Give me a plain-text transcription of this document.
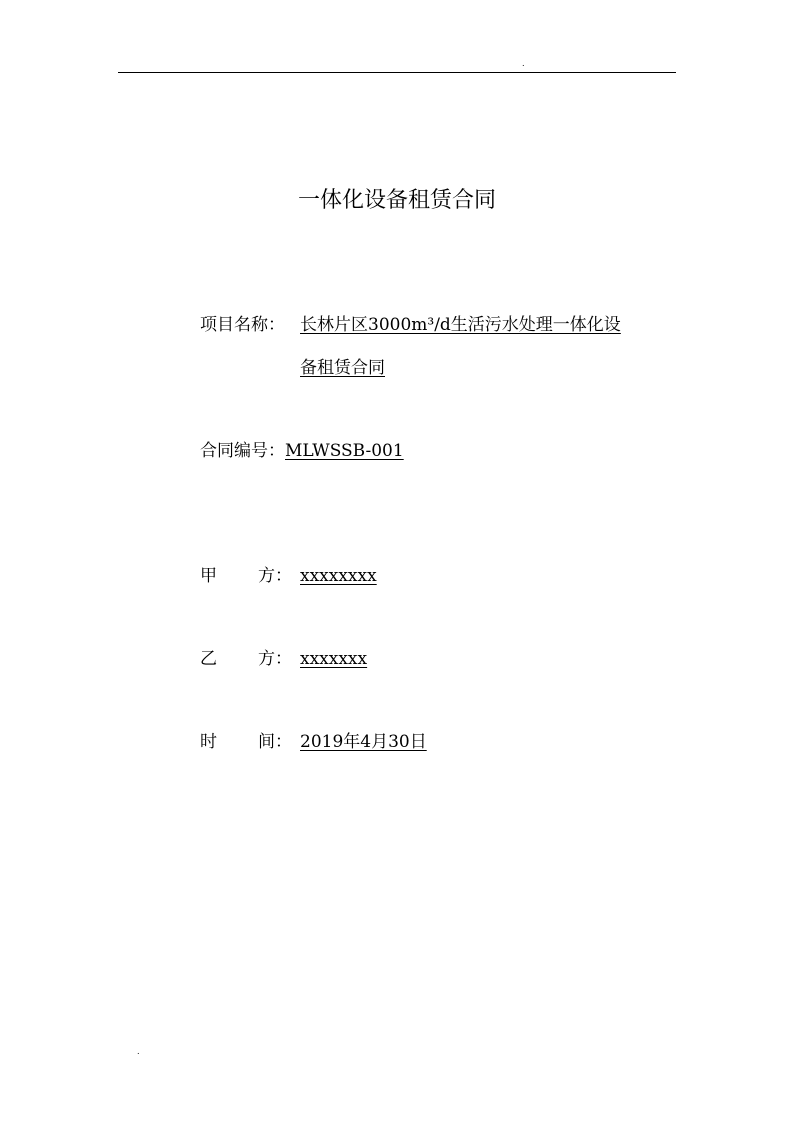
.
一体化设备租赁合同
项目名称： 长林片区3000m³/d生活污水处理一体化设
备租赁合同
合同编号：MLWSSB-001
甲 方： xxxxxxxx
乙 方： xxxxxxx
时 间： 2019年4月30日
.
